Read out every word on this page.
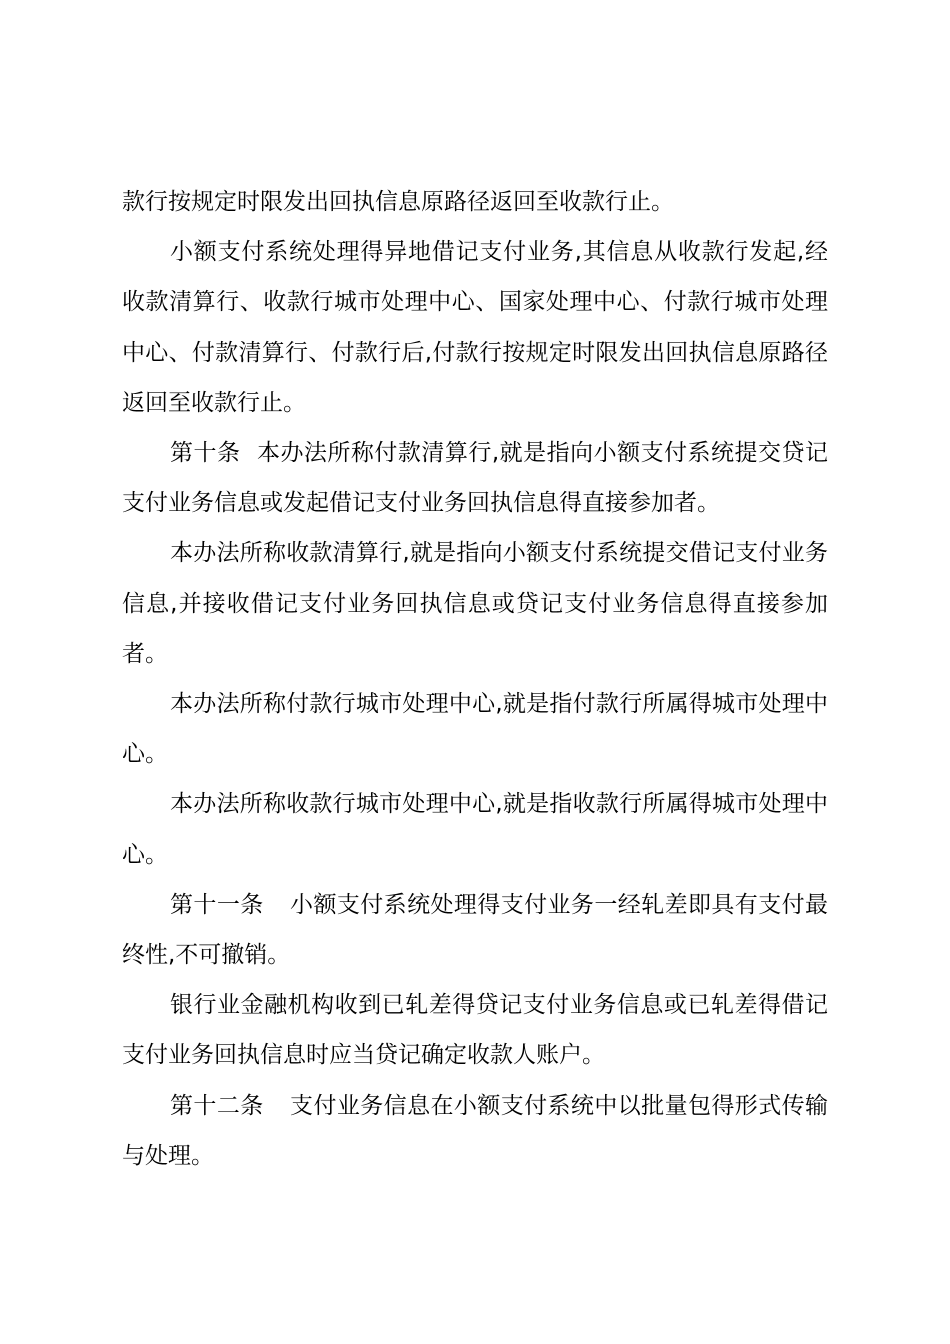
款行按规定时限发出回执信息原路径返回至收款行止。

小额支付系统处理得异地借记支付业务,其信息从收款行发起,经收款清算行、收款行城市处理中心、国家处理中心、付款行城市处理中心、付款清算行、付款行后,付款行按规定时限发出回执信息原路径返回至收款行止。

第十条 本办法所称付款清算行,就是指向小额支付系统提交贷记支付业务信息或发起借记支付业务回执信息得直接参加者。

本办法所称收款清算行,就是指向小额支付系统提交借记支付业务信息,并接收借记支付业务回执信息或贷记支付业务信息得直接参加者。

本办法所称付款行城市处理中心,就是指付款行所属得城市处理中心。

本办法所称收款行城市处理中心,就是指收款行所属得城市处理中心。

第十一条 小额支付系统处理得支付业务一经轧差即具有支付最终性,不可撤销。

银行业金融机构收到已轧差得贷记支付业务信息或已轧差得借记支付业务回执信息时应当贷记确定收款人账户。

第十二条 支付业务信息在小额支付系统中以批量包得形式传输与处理。
